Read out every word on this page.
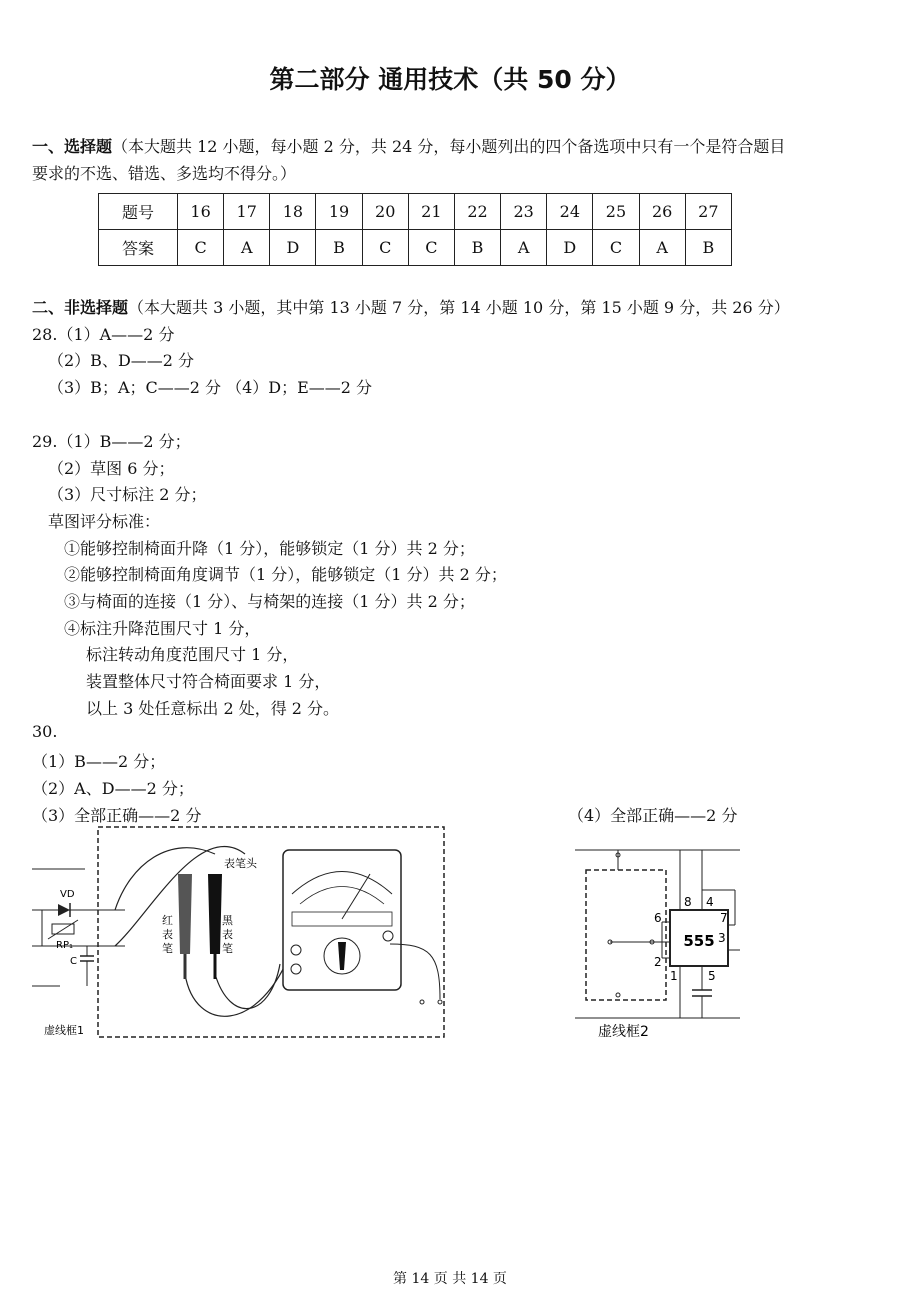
第二部分 通用技术（共 50 分）
一、选择题（本大题共 12 小题，每小题 2 分，共 24 分，每小题列出的四个备选项中只有一个是符合题目
要求的不选、错选、多选均不得分。）
题号	16	17	18	19	20	21	22	23	24	25	26	27
答案	C	A	D	B	C	C	B	A	D	C	A	B
二、非选择题（本大题共 3 小题，其中第 13 小题 7 分，第 14 小题 10 分，第 15 小题 9 分，共 26 分）
28.（1）A——2 分
（2）B、D——2 分
（3）B；A；C——2 分 （4）D；E——2 分
29.（1）B——2 分；
（2）草图 6 分；
（3）尺寸标注 2 分；
草图评分标准：
①能够控制椅面升降（1 分），能够锁定（1 分）共 2 分；
②能够控制椅面角度调节（1 分），能够锁定（1 分）共 2 分；
③与椅面的连接（1 分）、与椅架的连接（1 分）共 2 分；
④标注升降范围尺寸 1 分，
标注转动角度范围尺寸 1 分，
装置整体尺寸符合椅面要求 1 分，
以上 3 处任意标出 2 处，得 2 分。
30.
（1）B——2 分；
（2）A、D——2 分；
（3）全部正确——2 分	（4）全部正确——2 分
VD
RP₁
C
表笔头
红
表
笔
黑
表
笔
虚线框1
555
8 4
7
6
3
2
1	5
虚线框2
第 14 页 共 14 页
